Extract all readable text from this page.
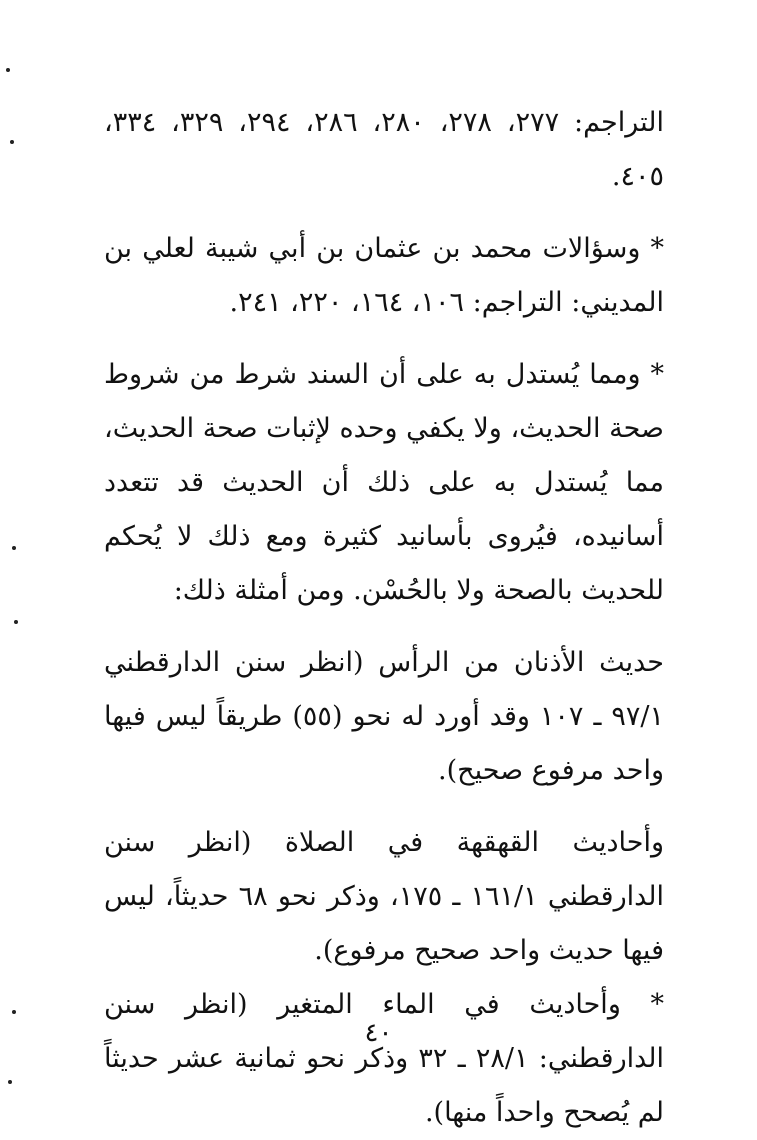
التراجم: ٢٧٧، ٢٧٨، ٢٨٠، ٢٨٦، ٢٩٤، ٣٢٩، ٣٣٤، ٤٠٥.

* وسؤالات محمد بن عثمان بن أبي شيبة لعلي بن المديني: التراجم: ١٠٦، ١٦٤، ٢٢٠، ٢٤١.

* ومما يُستدل به على أن السند شرط من شروط صحة الحديث، ولا يكفي وحده لإثبات صحة الحديث، مما يُستدل به على ذلك أن الحديث قد تتعدد أسانيده، فيُروى بأسانيد كثيرة ومع ذلك لا يُحكم للحديث بالصحة ولا بالحُسْن. ومن أمثلة ذلك:

حديث الأذنان من الرأس (انظر سنن الدارقطني ٩٧/١ ـ ١٠٧ وقد أورد له نحو (٥٥) طريقاً ليس فيها واحد مرفوع صحيح).

وأحاديث القهقهة في الصلاة (انظر سنن الدارقطني ١٦١/١ ـ ١٧٥، وذكر نحو ٦٨ حديثاً، ليس فيها حديث واحد صحيح مرفوع).

* وأحاديث في الماء المتغير (انظر سنن الدارقطني: ٢٨/١ ـ ٣٢ وذكر نحو ثمانية عشر حديثاً لم يُصحح واحداً منها).

٤٠
